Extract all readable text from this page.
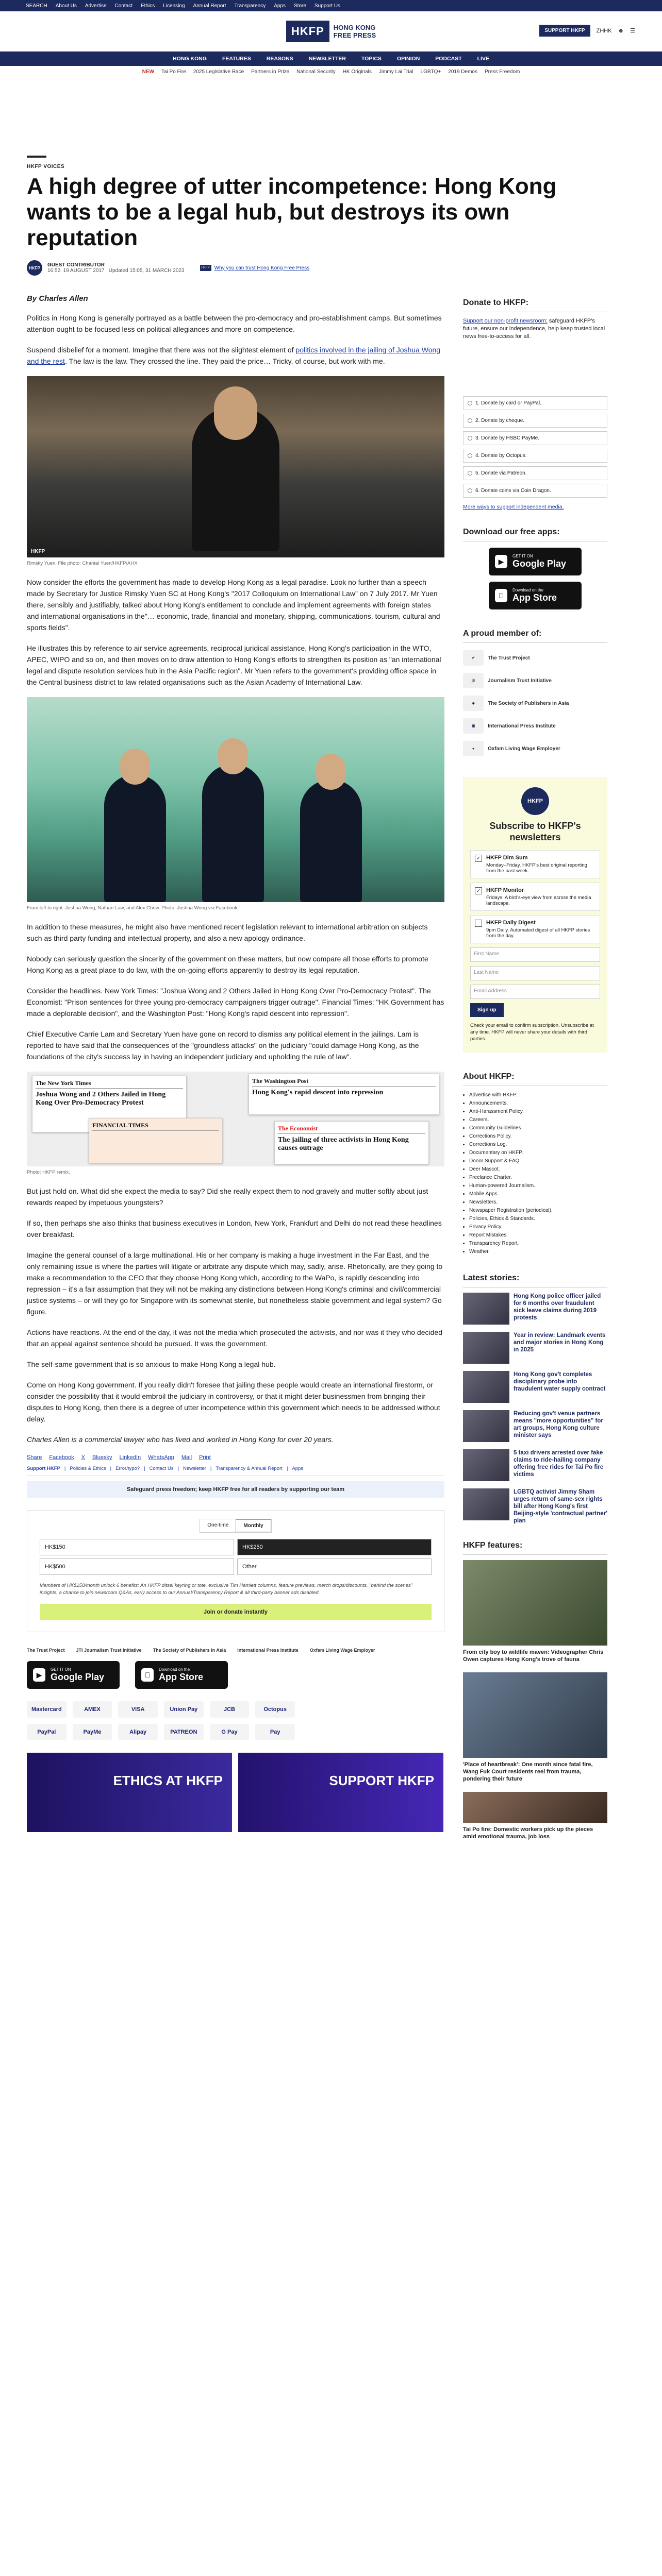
SEARCH About Us Advertise Contact Ethics Licensing Annual Report Transparency Apps Store Support Us
HKFP	HONG KONG
FREE PRESS
SUPPORT HKFP	ZHHK ☻ ☰
HONG KONG	FEATURES	REASONS	NEWSLETTER	TOPICS	OPINION	PODCAST	LIVE
NEW Tai Po Fire 2025 Legislative Race Partners in Prize National Security HK Originals Jimmy Lai Trial LGBTQ+ 2019 Demos Press Freedom
HKFP VOICES
A high degree of utter incompetence: Hong Kong wants to be a legal hub, but destroys its own reputation
HKFP	GUEST CONTRIBUTOR
16:52, 19 AUGUST 2017 Updated 15:05, 31 MARCH 2023	HKFP Why you can trust Hong Kong Free Press
By Charles Allen

Politics in Hong Kong is generally portrayed as a battle between the pro-democracy and pro-establishment camps. But sometimes attention ought to be focused less on political allegiances and more on competence.

Suspend disbelief for a moment. Imagine that there was not the slightest element of politics involved in the jailing of Joshua Wong and the rest. The law is the law. They crossed the line. They paid the price… Tricky, of course, but work with me.

HKFP
Rimsky Yuen. File photo: Chantal Yuen/HKFP/AHX

Now consider the efforts the government has made to develop Hong Kong as a legal paradise. Look no further than a speech made by Secretary for Justice Rimsky Yuen SC at Hong Kong's "2017 Colloquium on International Law" on 7 July 2017. Mr Yuen there, sensibly and justifiably, talked about Hong Kong's entitlement to conclude and implement agreements with foreign states and international organisations in the"… economic, trade, financial and monetary, shipping, communications, tourism, cultural and sports fields".

He illustrates this by reference to air service agreements, reciprocal juridical assistance, Hong Kong's participation in the WTO, APEC, WIPO and so on, and then moves on to draw attention to Hong Kong's efforts to strengthen its position as "an international legal and dispute resolution services hub in the Asia Pacific region". Mr Yuen refers to the government's providing office space in the Central business district to law related organisations such as the Asian Academy of International Law.

From left to right: Joshua Wong, Nathan Law, and Alex Chow. Photo: Joshua Wong via Facebook.

In addition to these measures, he might also have mentioned recent legislation relevant to international arbitration on subjects such as third party funding and intellectual property, and also a new apology ordinance.

Nobody can seriously question the sincerity of the government on these matters, but now compare all those efforts to promote Hong Kong as a great place to do law, with the on-going efforts apparently to destroy its legal reputation.

Consider the headlines. New York Times: "Joshua Wong and 2 Others Jailed in Hong Kong Over Pro-Democracy Protest". The Economist: "Prison sentences for three young pro-democracy campaigners trigger outrage". Financial Times: "HK Government has made a deplorable decision", and the Washington Post: "Hong Kong's rapid descent into repression".

Chief Executive Carrie Lam and Secretary Yuen have gone on record to dismiss any political element in the jailings. Lam is reported to have said that the consequences of the "groundless attacks" on the judiciary "could damage Hong Kong, as the foundations of the city's success lay in having an independent judiciary and upholding the rule of law".

The New York Times
Joshua Wong and 2 Others Jailed in Hong Kong Over Pro-Democracy Protest
The Washington Post
Hong Kong's rapid descent into repression
FINANCIAL TIMES	The Economist
The jailing of three activists in Hong Kong causes outrage
Photo: HKFP remix.

But just hold on. What did she expect the media to say? Did she really expect them to nod gravely and mutter softly about just rewards reaped by impetuous youngsters?

If so, then perhaps she also thinks that business executives in London, New York, Frankfurt and Delhi do not read these headlines over breakfast.

Imagine the general counsel of a large multinational. His or her company is making a huge investment in the Far East, and the only remaining issue is where the parties will litigate or arbitrate any dispute which may, sadly, arise. Rhetorically, are they going to make a recommendation to the CEO that they choose Hong Kong which, according to the WaPo, is rapidly descending into repression – it's a fair assumption that they will not be making any distinctions between Hong Kong's criminal and civil/commercial justice systems – or will they go for Singapore with its somewhat sterile, but nonetheless stable government and legal system? Go figure.

Actions have reactions. At the end of the day, it was not the media which prosecuted the activists, and nor was it they who decided that an appeal against sentence should be pursued. It was the government.

The self-same government that is so anxious to make Hong Kong a legal hub.

Come on Hong Kong government. If you really didn't foresee that jailing these people would create an international firestorm, or consider the possibility that it would embroil the judiciary in controversy, or that it might deter businessmen from bringing their disputes to Hong Kong, then there is a degree of utter incompetence within this government which needs to be addressed without delay.

Charles Allen is a commercial lawyer who has lived and worked in Hong Kong for over 20 years.

Share Facebook X Bluesky LinkedIn WhatsApp Mail Print
Support HKFP | Policies & Ethics | Error/typo? | Contact Us | Newsletter | Transparency & Annual Report | Apps
Safeguard press freedom; keep HKFP free for all readers by supporting our team
One-time	Monthly
HK$150	HK$250
HK$500	Other
Members of HK$150/month unlock 6 benefits: An HKFP ditsel keyring or tote, exclusive Tim Hamlett columns, feature previews, merch drops/discounts, "behind the scenes" insights, a chance to join newsroom Q&As, early access to our Annual/Transparency Report & all third-party banner ads disabled.
Join or donate instantly
The Trust Project JTI Journalism Trust Initiative The Society of Publishers in Asia International Press Institute Oxfam Living Wage Employer
▶
GET IT ON
Google Play
Download on the
App Store
Mastercard	AMEX	VISA	Union Pay	JCB	Octopus
PayPal	PayMe	Alipay	PATREON	G Pay	Pay
ETHICS AT HKFP	SUPPORT HKFP
Donate to HKFP:
Support our non-profit newsroom: safeguard HKFP's future, ensure our independence, help keep trusted local news free-to-access for all.
1. Donate by card or PayPal.
2. Donate by cheque.
3. Donate by HSBC PayMe.
4. Donate by Octopus.
5. Donate via Patreon.
6. Donate coins via Coin Dragon.
More ways to support independent media.
Download our free apps:
▶
GET IT ON
Google Play
Download on the
App Store
A proud member of:
✔	The Trust Project
jti	Journalism Trust Initiative
◈	The Society of Publishers in Asia
▣	International Press Institute
●	Oxfam Living Wage Employer
HKFP
Subscribe to HKFP's newsletters
✓ HKFP Dim Sum
Monday–Friday. HKFP's best original reporting from the past week.
✓ HKFP Monitor
Fridays. A bird's-eye view from across the media landscape.
HKFP Daily Digest
9pm Daily. Automated digest of all HKFP stories from the day.
First Name
Last Name
Email Address
Sign up
Check your email to confirm subscription. Unsubscribe at any time. HKFP will never share your details with third parties.
About HKFP:
• Advertise with HKFP.
• Announcements.
• Anti-Harassment Policy.
• Careers.
• Community Guidelines.
• Corrections Policy.
• Corrections Log.
• Documentary on HKFP.
• Donor Support & FAQ.
• Deer Mascot.
• Freelance Charter.
• Human-powered Journalism.
• Mobile Apps.
• Newsletters.
• Newspaper Registration (periodical).
• Policies, Ethics & Standards.
• Privacy Policy.
• Report Mistakes.
• Transparency Report.
• Weather.
Latest stories:
Hong Kong police officer jailed for 6 months over fraudulent sick leave claims during 2019 protests
Year in review: Landmark events and major stories in Hong Kong in 2025
Hong Kong gov't completes disciplinary probe into fraudulent water supply contract
Reducing gov't venue partners means "more opportunities" for art groups, Hong Kong culture minister says
5 taxi drivers arrested over fake claims to ride-hailing company offering free rides for Tai Po fire victims
LGBTQ activist Jimmy Sham urges return of same-sex rights bill after Hong Kong's first Beijing-style 'contractual partner' plan
HKFP features:
From city boy to wildlife maven: Videographer Chris Owen captures Hong Kong's trove of fauna
'Place of heartbreak': One month since fatal fire, Wang Fuk Court residents reel from trauma, pondering their future
Tai Po fire: Domestic workers pick up the pieces amid emotional trauma, job loss
